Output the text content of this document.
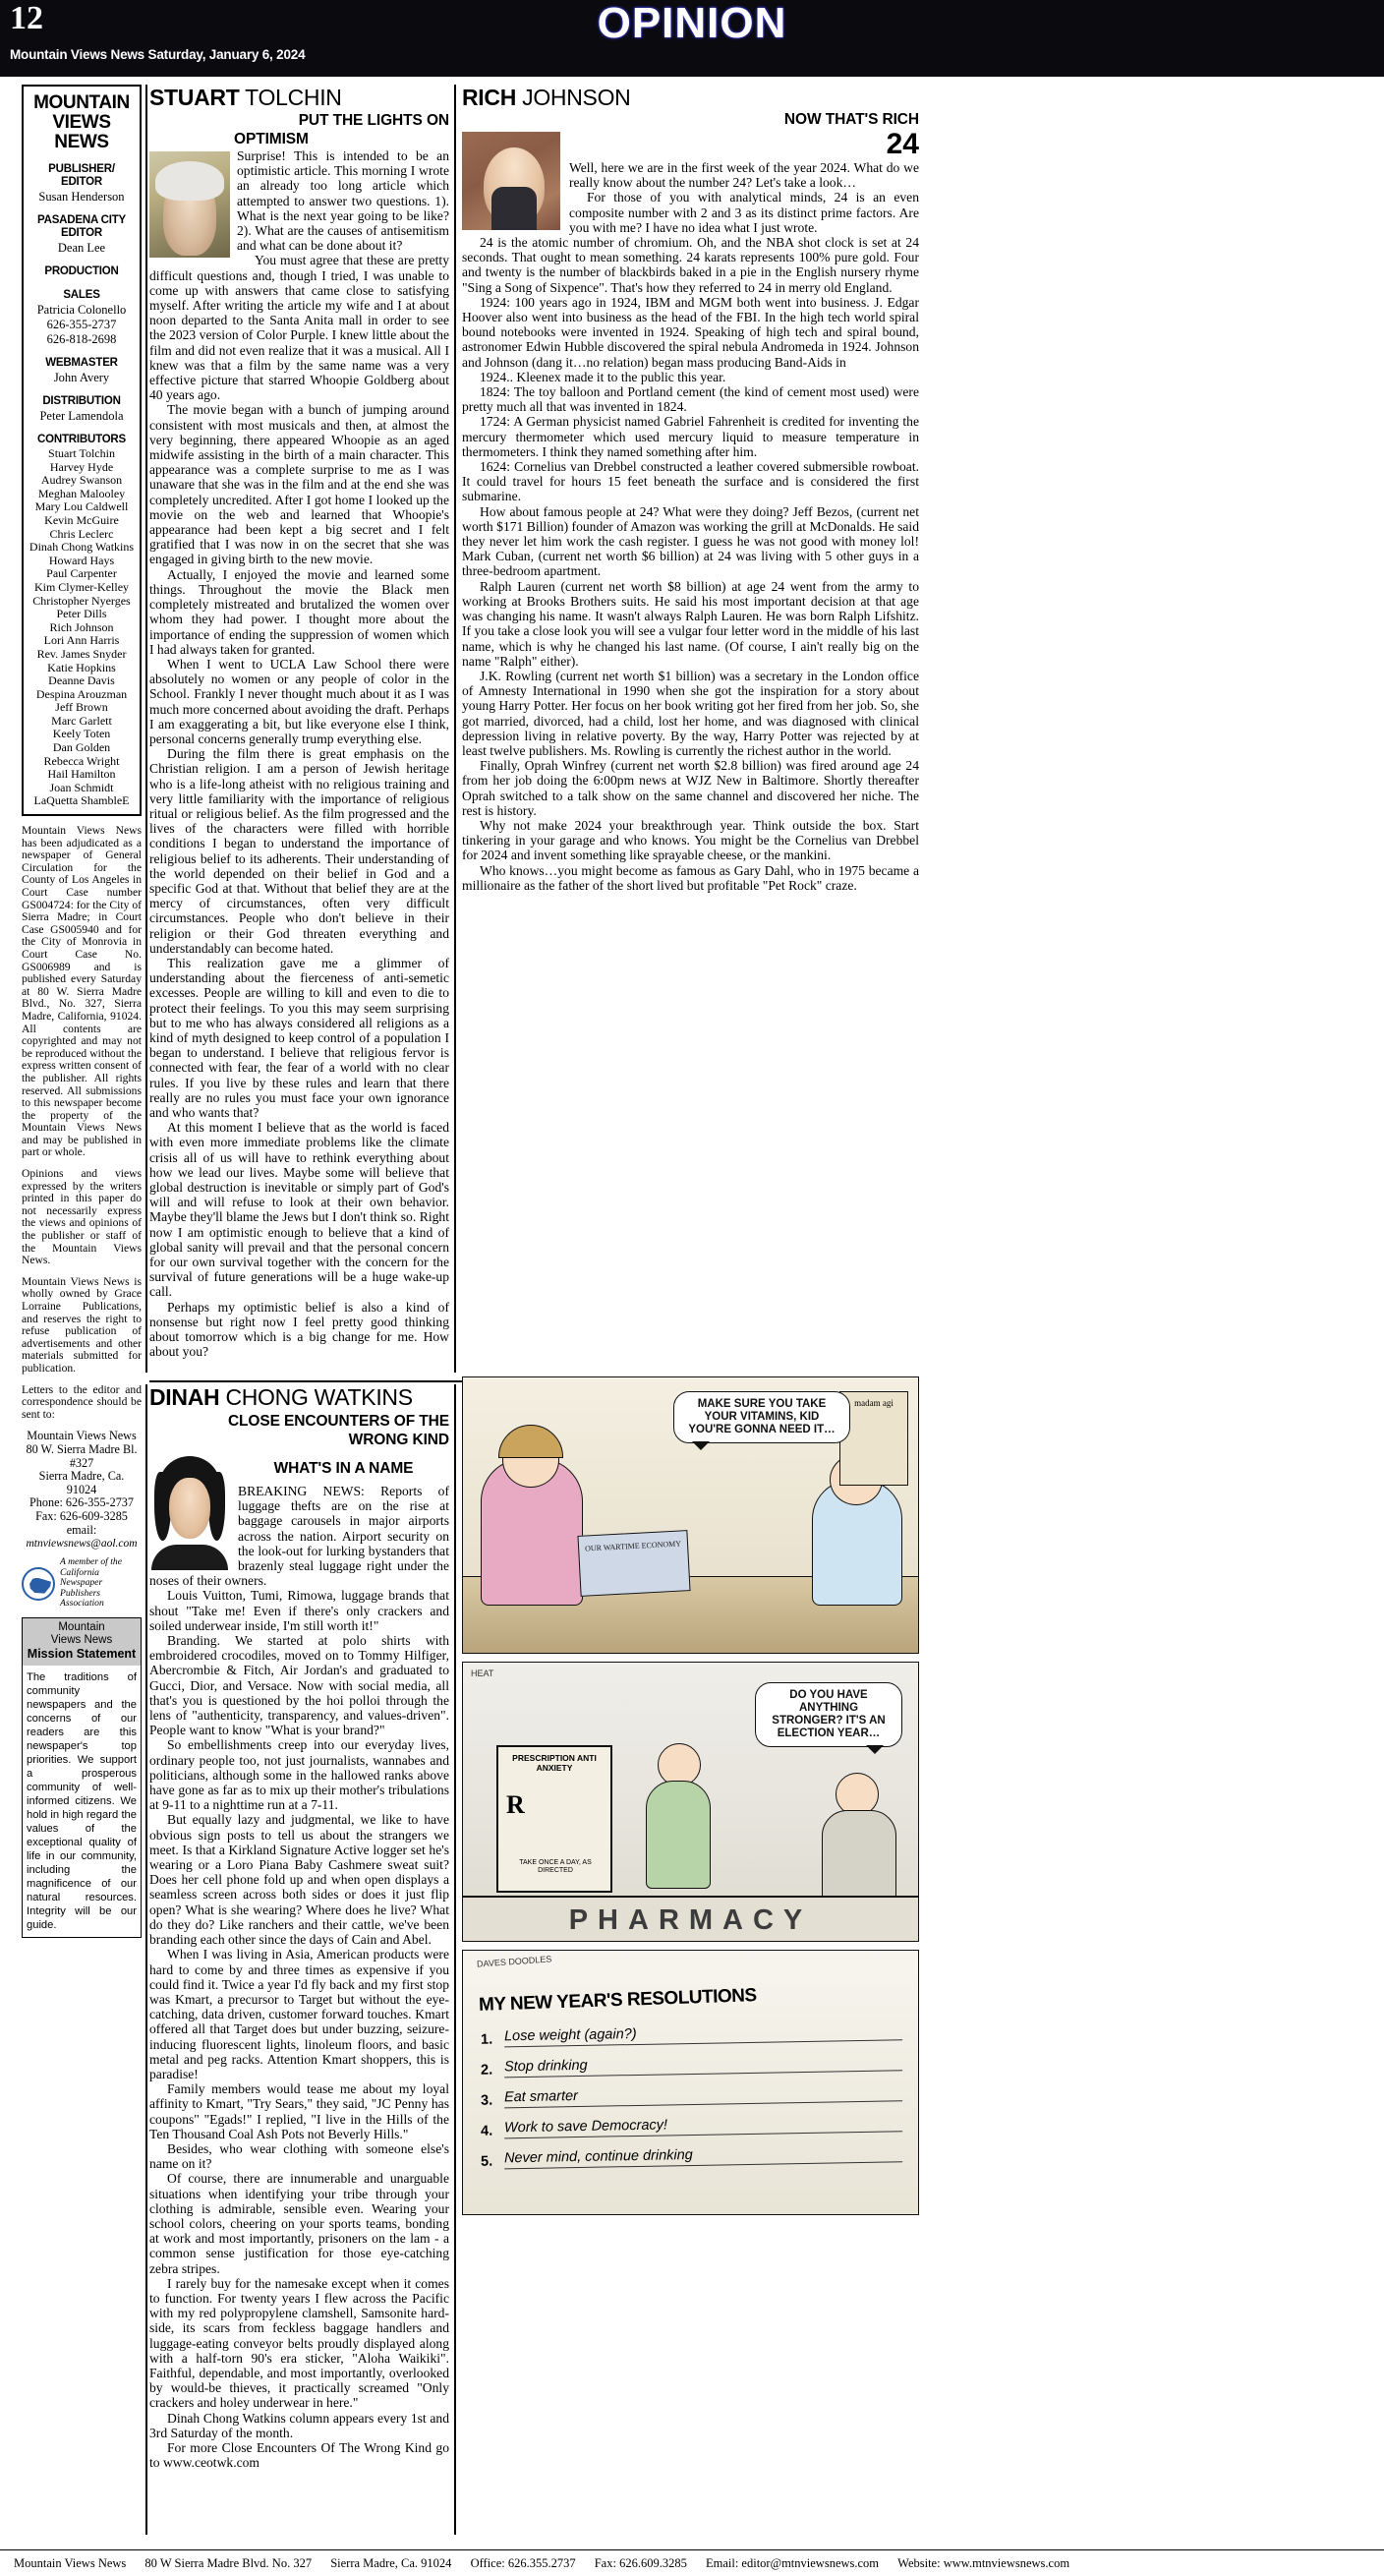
12	OPINION
Mountain Views News Saturday, January 6, 2024
MOUNTAIN
VIEWS
NEWS
PUBLISHER/ EDITOR
Susan Henderson
PASADENA CITY EDITOR
Dean Lee
PRODUCTION
SALES
Patricia Colonello
626-355-2737
626-818-2698
WEBMASTER
John Avery
DISTRIBUTION
Peter Lamendola
CONTRIBUTORS
Stuart Tolchin
Harvey Hyde
Audrey Swanson
Meghan Malooley
Mary Lou Caldwell
Kevin McGuire
Chris Leclerc
Dinah Chong Watkins
Howard Hays
Paul Carpenter
Kim Clymer-Kelley
Christopher Nyerges
Peter Dills
Rich Johnson
Lori Ann Harris
Rev. James Snyder
Katie Hopkins
Deanne Davis
Despina Arouzman
Jeff Brown
Marc Garlett
Keely Toten
Dan Golden
Rebecca Wright
Hail Hamilton
Joan Schmidt
LaQuetta ShambleE

Mountain Views News has been adjudicated as a newspaper of General Circulation for the County of Los Angeles in Court Case number GS004724: for the City of Sierra Madre; in Court Case GS005940 and for the City of Monrovia in Court Case No. GS006989 and is published every Saturday at 80 W. Sierra Madre Blvd., No. 327, Sierra Madre, California, 91024. All contents are copyrighted and may not be reproduced without the express written consent of the publisher. All rights reserved. All submissions to this newspaper become the property of the Mountain Views News and may be published in part or whole.

Opinions and views expressed by the writers printed in this paper do not necessarily express the views and opinions of the publisher or staff of the Mountain Views News.

Mountain Views News is wholly owned by Grace Lorraine Publications, and reserves the right to refuse publication of advertisements and other materials submitted for publication.

Letters to the editor and correspondence should be sent to:

Mountain Views News
80 W. Sierra Madre Bl.
#327
Sierra Madre, Ca.
91024
Phone: 626-355-2737
Fax: 626-609-3285
email:
mtnviewsnews@aol.com
A member of the California Newspaper Publishers Association
Mountain
Views News
Mission Statement
The traditions of community newspapers and the concerns of our readers are this newspaper's top priorities. We support a prosperous community of well-informed citizens. We hold in high regard the values of the exceptional quality of life in our community, including the magnificence of our natural resources. Integrity will be our guide.
STUART TOLCHIN
PUT THE LIGHTS ON
OPTIMISM

Surprise! This is intended to be an optimistic article. This morning I wrote an already too long article which attempted to answer two questions. 1). What is the next year going to be like? 2). What are the causes of antisemitism and what can be done about it?

You must agree that these are pretty difficult questions and, though I tried, I was unable to come up with answers that came close to satisfying myself. After writing the article my wife and I at about noon departed to the Santa Anita mall in order to see the 2023 version of Color Purple. I knew little about the film and did not even realize that it was a musical. All I knew was that a film by the same name was a very effective picture that starred Whoopie Goldberg about 40 years ago.

The movie began with a bunch of jumping around consistent with most musicals and then, at almost the very beginning, there appeared Whoopie as an aged midwife assisting in the birth of a main character. This appearance was a complete surprise to me as I was unaware that she was in the film and at the end she was completely uncredited. After I got home I looked up the movie on the web and learned that Whoopie's appearance had been kept a big secret and I felt gratified that I was now in on the secret that she was engaged in giving birth to the new movie.

Actually, I enjoyed the movie and learned some things. Throughout the movie the Black men completely mistreated and brutalized the women over whom they had power. I thought more about the importance of ending the suppression of women which I had always taken for granted.

When I went to UCLA Law School there were absolutely no women or any people of color in the School. Frankly I never thought much about it as I was much more concerned about avoiding the draft. Perhaps I am exaggerating a bit, but like everyone else I think, personal concerns generally trump everything else.

During the film there is great emphasis on the Christian religion. I am a person of Jewish heritage who is a life-long atheist with no religious training and very little familiarity with the importance of religious ritual or religious belief. As the film progressed and the lives of the characters were filled with horrible conditions I began to understand the importance of religious belief to its adherents. Their understanding of the world depended on their belief in God and a specific God at that. Without that belief they are at the mercy of circumstances, often very difficult circumstances. People who don't believe in their religion or their God threaten everything and understandably can become hated.

This realization gave me a glimmer of understanding about the fierceness of anti-semetic excesses. People are willing to kill and even to die to protect their feelings. To you this may seem surprising but to me who has always considered all religions as a kind of myth designed to keep control of a population I began to understand. I believe that religious fervor is connected with fear, the fear of a world with no clear rules. If you live by these rules and learn that there really are no rules you must face your own ignorance and who wants that?

At this moment I believe that as the world is faced with even more immediate problems like the climate crisis all of us will have to rethink everything about how we lead our lives. Maybe some will believe that global destruction is inevitable or simply part of God's will and will refuse to look at their own behavior. Maybe they'll blame the Jews but I don't think so. Right now I am optimistic enough to believe that a kind of global sanity will prevail and that the personal concern for our own survival together with the concern for the survival of future generations will be a huge wake-up call.

Perhaps my optimistic belief is also a kind of nonsense but right now I feel pretty good thinking about tomorrow which is a big change for me. How about you?

RICH JOHNSON
NOW THAT'S RICH
24

Well, here we are in the first week of the year 2024. What do we really know about the number 24? Let's take a look…

For those of you with analytical minds, 24 is an even composite number with 2 and 3 as its distinct prime factors. Are you with me? I have no idea what I just wrote.

24 is the atomic number of chromium. Oh, and the NBA shot clock is set at 24 seconds. That ought to mean something. 24 karats represents 100% pure gold. Four and twenty is the number of blackbirds baked in a pie in the English nursery rhyme "Sing a Song of Sixpence". That's how they referred to 24 in merry old England.

1924: 100 years ago in 1924, IBM and MGM both went into business. J. Edgar Hoover also went into business as the head of the FBI. In the high tech world spiral bound notebooks were invented in 1924. Speaking of high tech and spiral bound, astronomer Edwin Hubble discovered the spiral nebula Andromeda in 1924. Johnson and Johnson (dang it…no relation) began mass producing Band-Aids in

1924.. Kleenex made it to the public this year.

1824: The toy balloon and Portland cement (the kind of cement most used) were pretty much all that was invented in 1824.

1724: A German physicist named Gabriel Fahrenheit is credited for inventing the mercury thermometer which used mercury liquid to measure temperature in thermometers. I think they named something after him.

1624: Cornelius van Drebbel constructed a leather covered submersible rowboat. It could travel for hours 15 feet beneath the surface and is considered the first submarine.

How about famous people at 24? What were they doing? Jeff Bezos, (current net worth $171 Billion) founder of Amazon was working the grill at McDonalds. He said they never let him work the cash register. I guess he was not good with money lol! Mark Cuban, (current net worth $6 billion) at 24 was living with 5 other guys in a three-bedroom apartment.

Ralph Lauren (current net worth $8 billion) at age 24 went from the army to working at Brooks Brothers suits. He said his most important decision at that age was changing his name. It wasn't always Ralph Lauren. He was born Ralph Lifshitz. If you take a close look you will see a vulgar four letter word in the middle of his last name, which is why he changed his last name. (Of course, I ain't really big on the name "Ralph" either).

J.K. Rowling (current net worth $1 billion) was a secretary in the London office of Amnesty International in 1990 when she got the inspiration for a story about young Harry Potter. Her focus on her book writing got her fired from her job. So, she got married, divorced, had a child, lost her home, and was diagnosed with clinical depression living in relative poverty. By the way, Harry Potter was rejected by at least twelve publishers. Ms. Rowling is currently the richest author in the world.

Finally, Oprah Winfrey (current net worth $2.8 billion) was fired around age 24 from her job doing the 6:00pm news at WJZ New in Baltimore. Shortly thereafter Oprah switched to a talk show on the same channel and discovered her niche. The rest is history.

Why not make 2024 your breakthrough year. Think outside the box. Start tinkering in your garage and who knows. You might be the Cornelius van Drebbel for 2024 and invent something like sprayable cheese, or the mankini.

Who knows…you might become as famous as Gary Dahl, who in 1975 became a millionaire as the father of the short lived but profitable "Pet Rock" craze.

DINAH CHONG WATKINS
CLOSE ENCOUNTERS OF THE
WRONG KIND
WHAT'S IN A NAME

BREAKING NEWS: Reports of luggage thefts are on the rise at baggage carousels in major airports across the nation. Airport security on the look-out for lurking bystanders that brazenly steal luggage right under the noses of their owners.

Louis Vuitton, Tumi, Rimowa, luggage brands that shout "Take me! Even if there's only crackers and soiled underwear inside, I'm still worth it!"

Branding. We started at polo shirts with embroidered crocodiles, moved on to Tommy Hilfiger, Abercrombie & Fitch, Air Jordan's and graduated to Gucci, Dior, and Versace. Now with social media, all that's you is questioned by the hoi polloi through the lens of "authenticity, transparency, and values-driven". People want to know "What is your brand?"

So embellishments creep into our everyday lives, ordinary people too, not just journalists, wannabes and politicians, although some in the hallowed ranks above have gone as far as to mix up their mother's tribulations at 9-11 to a nighttime run at a 7-11.

But equally lazy and judgmental, we like to have obvious sign posts to tell us about the strangers we meet. Is that a Kirkland Signature Active logger set he's wearing or a Loro Piana Baby Cashmere sweat suit? Does her cell phone fold up and when open displays a seamless screen across both sides or does it just flip open? What is she wearing? Where does he live? What do they do? Like ranchers and their cattle, we've been branding each other since the days of Cain and Abel.

When I was living in Asia, American products were hard to come by and three times as expensive if you could find it. Twice a year I'd fly back and my first stop was Kmart, a precursor to Target but without the eye-catching, data driven, customer forward touches. Kmart offered all that Target does but under buzzing, seizure-inducing fluorescent lights, linoleum floors, and basic metal and peg racks. Attention Kmart shoppers, this is paradise!

Family members would tease me about my loyal affinity to Kmart, "Try Sears," they said, "JC Penny has coupons" "Egads!" I replied, "I live in the Hills of the Ten Thousand Coal Ash Pots not Beverly Hills."

Besides, who wear clothing with someone else's name on it?

Of course, there are innumerable and unarguable situations when identifying your tribe through your clothing is admirable, sensible even. Wearing your school colors, cheering on your sports teams, bonding at work and most importantly, prisoners on the lam - a common sense justification for those eye-catching zebra stripes.

I rarely buy for the namesake except when it comes to function. For twenty years I flew across the Pacific with my red polypropylene clamshell, Samsonite hard-side, its scars from feckless baggage handlers and luggage-eating conveyor belts proudly displayed along with a half-torn 90's era sticker, "Aloha Waikiki". Faithful, dependable, and most importantly, overlooked by would-be thieves, it practically screamed "Only crackers and holey underwear in here."

Dinah Chong Watkins column appears every 1st and 3rd Saturday of the month.

For more Close Encounters Of The Wrong Kind go to www.ceotwk.com

madam agi
OUR WARTIME ECONOMY
MAKE SURE YOU TAKE YOUR VITAMINS, KID YOU'RE GONNA NEED IT…
HEAT
PRESCRIPTION ANTI ANXIETY
R
TAKE ONCE A DAY, AS DIRECTED
DO YOU HAVE ANYTHING STRONGER? IT'S AN ELECTION YEAR…
PHARMACY
DAVES DOODLES
MY NEW YEAR'S RESOLUTIONS
1. Lose weight (again?)
2. Stop drinking
3. Eat smarter
4. Work to save Democracy!
5. Never mind, continue drinking
Mountain Views News 80 W Sierra Madre Blvd. No. 327 Sierra Madre, Ca. 91024 Office: 626.355.2737 Fax: 626.609.3285 Email: editor@mtnviewsnews.com Website: www.mtnviewsnews.com
